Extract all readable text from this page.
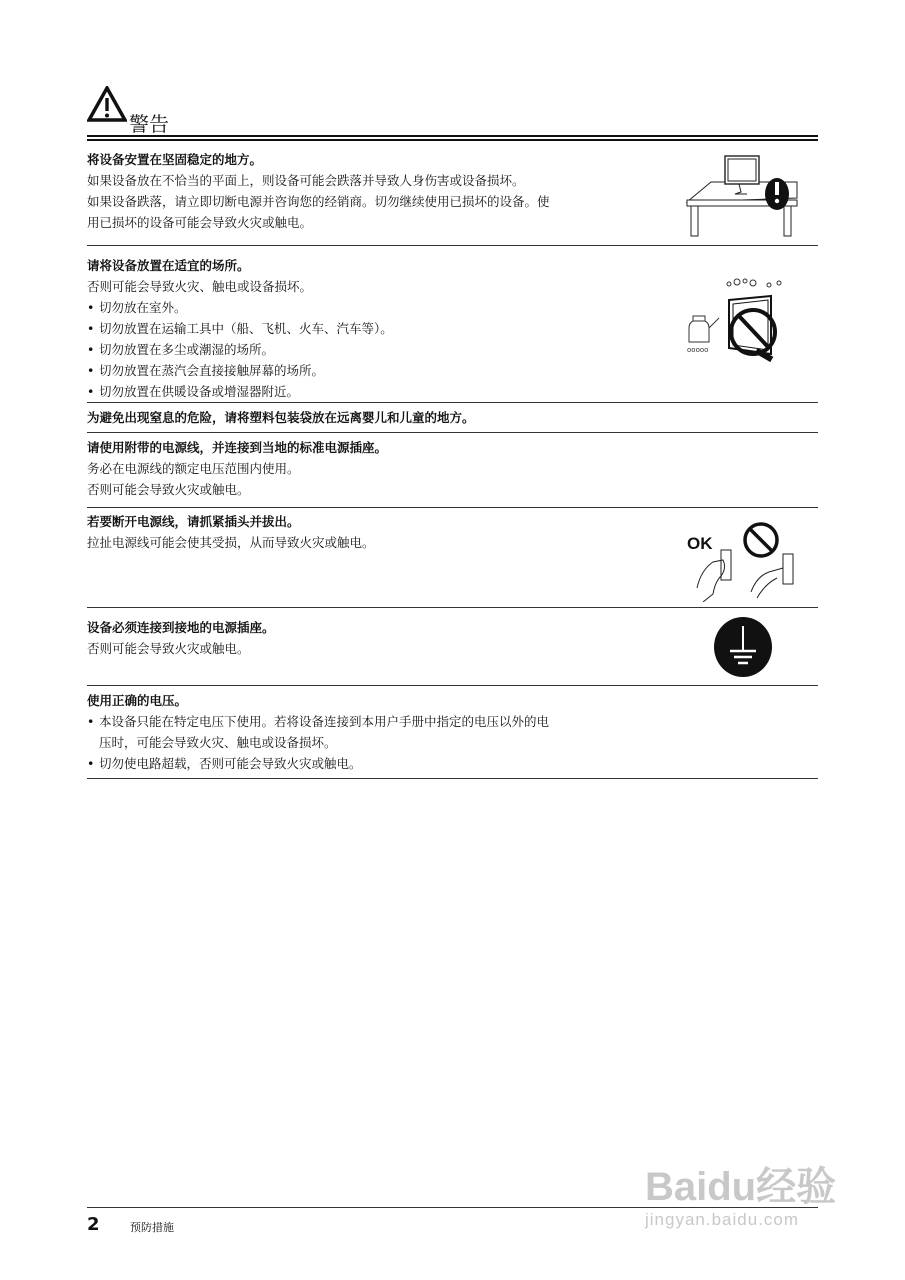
警告

将设备安置在坚固稳定的地方。

如果设备放在不恰当的平面上，则设备可能会跌落并导致人身伤害或设备损坏。

如果设备跌落，请立即切断电源并咨询您的经销商。切勿继续使用已损坏的设备。使

用已损坏的设备可能会导致火灾或触电。

请将设备放置在适宜的场所。

否则可能会导致火灾、触电或设备损坏。

• 切勿放在室外。

• 切勿放置在运输工具中（船、飞机、火车、汽车等）。

• 切勿放置在多尘或潮湿的场所。

• 切勿放置在蒸汽会直接接触屏幕的场所。

• 切勿放置在供暖设备或增湿器附近。

ooooo

为避免出现窒息的危险，请将塑料包装袋放在远离婴儿和儿童的地方。

请使用附带的电源线，并连接到当地的标准电源插座。

务必在电源线的额定电压范围内使用。

否则可能会导致火灾或触电。

若要断开电源线，请抓紧插头并拔出。

拉扯电源线可能会使其受损，从而导致火灾或触电。	OK

设备必须连接到接地的电源插座。

否则可能会导致火灾或触电。

使用正确的电压。

• 本设备只能在特定电压下使用。若将设备连接到本用户手册中指定的电压以外的电

压时，可能会导致火灾、触电或设备损坏。

• 切勿使电路超载，否则可能会导致火灾或触电。

Baidu经验
jingyan.baidu.com
2	预防措施
